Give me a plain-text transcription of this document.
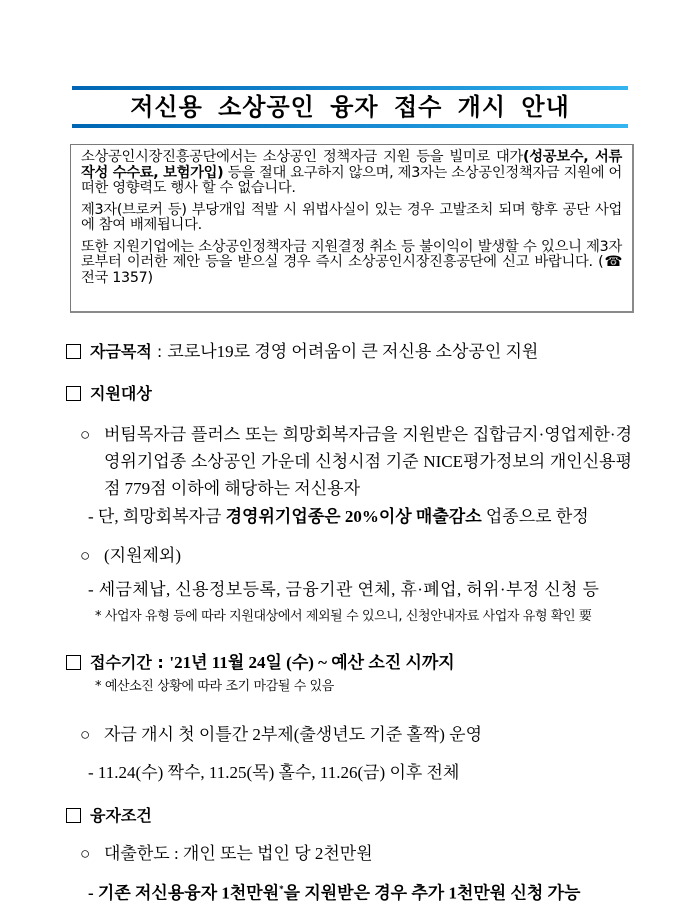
저신용 소상공인 융자 접수 개시 안내

소상공인시장진흥공단에서는 소상공인 정책자금 지원 등을 빌미로 대가(성공보수, 서류작성 수수료, 보험가입) 등을 절대 요구하지 않으며, 제3자는 소상공인정책자금 지원에 어떠한 영향력도 행사 할 수 없습니다.

제3자(브로커 등) 부당개입 적발 시 위법사실이 있는 경우 고발조치 되며 향후 공단 사업에 참여 배제됩니다.

또한 지원기업에는 소상공인정책자금 지원결정 취소 등 불이익이 발생할 수 있으니 제3자로부터 이러한 제안 등을 받으실 경우 즉시 소상공인시장진흥공단에 신고 바랍니다. (☎ 전국 1357)

자금목적 : 코로나19로 경영 어려움이 큰 저신용 소상공인 지원
지원대상
○ 버팀목자금 플러스 또는 희망회복자금을 지원받은 집합금지·영업제한·경영위기업종 소상공인 가운데 신청시점 기준 NICE평가정보의 개인신용평점 779점 이하에 해당하는 저신용자
- 단, 희망회복자금 경영위기업종은 20%이상 매출감소 업종으로 한정
○ (지원제외)
- 세금체납, 신용정보등록, 금융기관 연체, 휴·폐업, 허위·부정 신청 등
* 사업자 유형 등에 따라 지원대상에서 제외될 수 있으니, 신청안내자료 사업자 유형 확인 要
접수기간 : '21년 11월 24일 (수) ~ 예산 소진 시까지
* 예산소진 상황에 따라 조기 마감될 수 있음
○ 자금 개시 첫 이틀간 2부제(출생년도 기준 홀짝) 운영
- 11.24(수) 짝수, 11.25(목) 홀수, 11.26(금) 이후 전체
융자조건
○ 대출한도 : 개인 또는 법인 당 2천만원
- 기존 저신용융자 1천만원*을 지원받은 경우 추가 1천만원 신청 가능
